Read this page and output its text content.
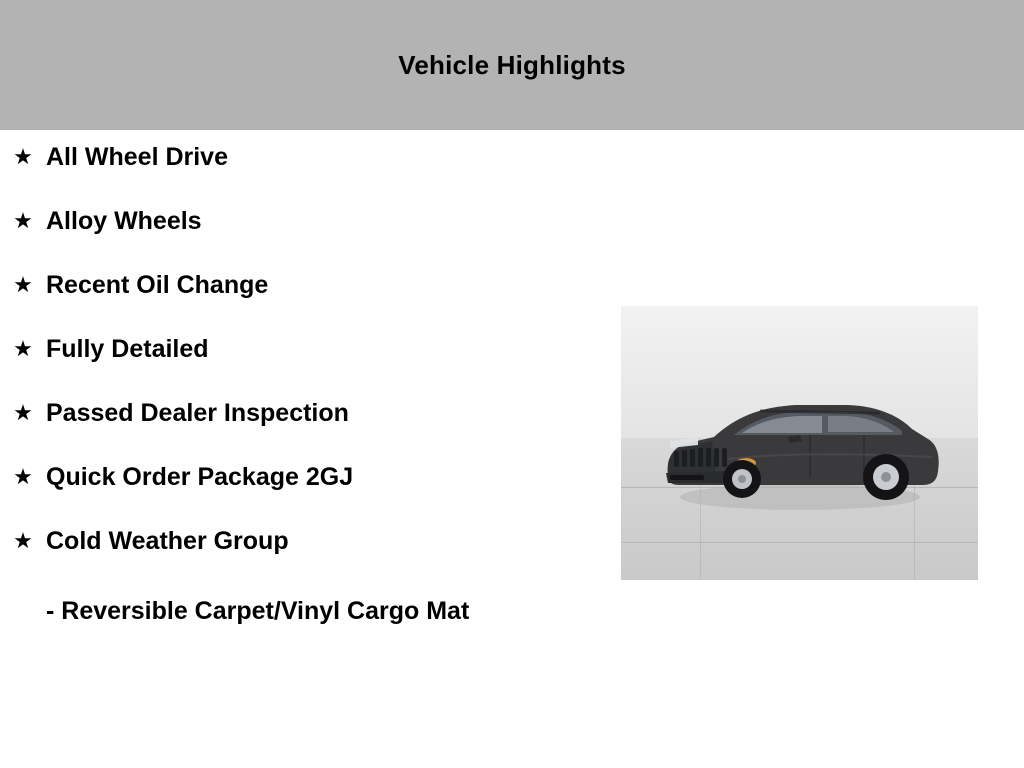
Vehicle Highlights
★ All Wheel Drive
★ Alloy Wheels
★ Recent Oil Change
★ Fully Detailed
★ Passed Dealer Inspection
★ Quick Order Package 2GJ
★ Cold Weather Group
- Reversible Carpet/Vinyl Cargo Mat
